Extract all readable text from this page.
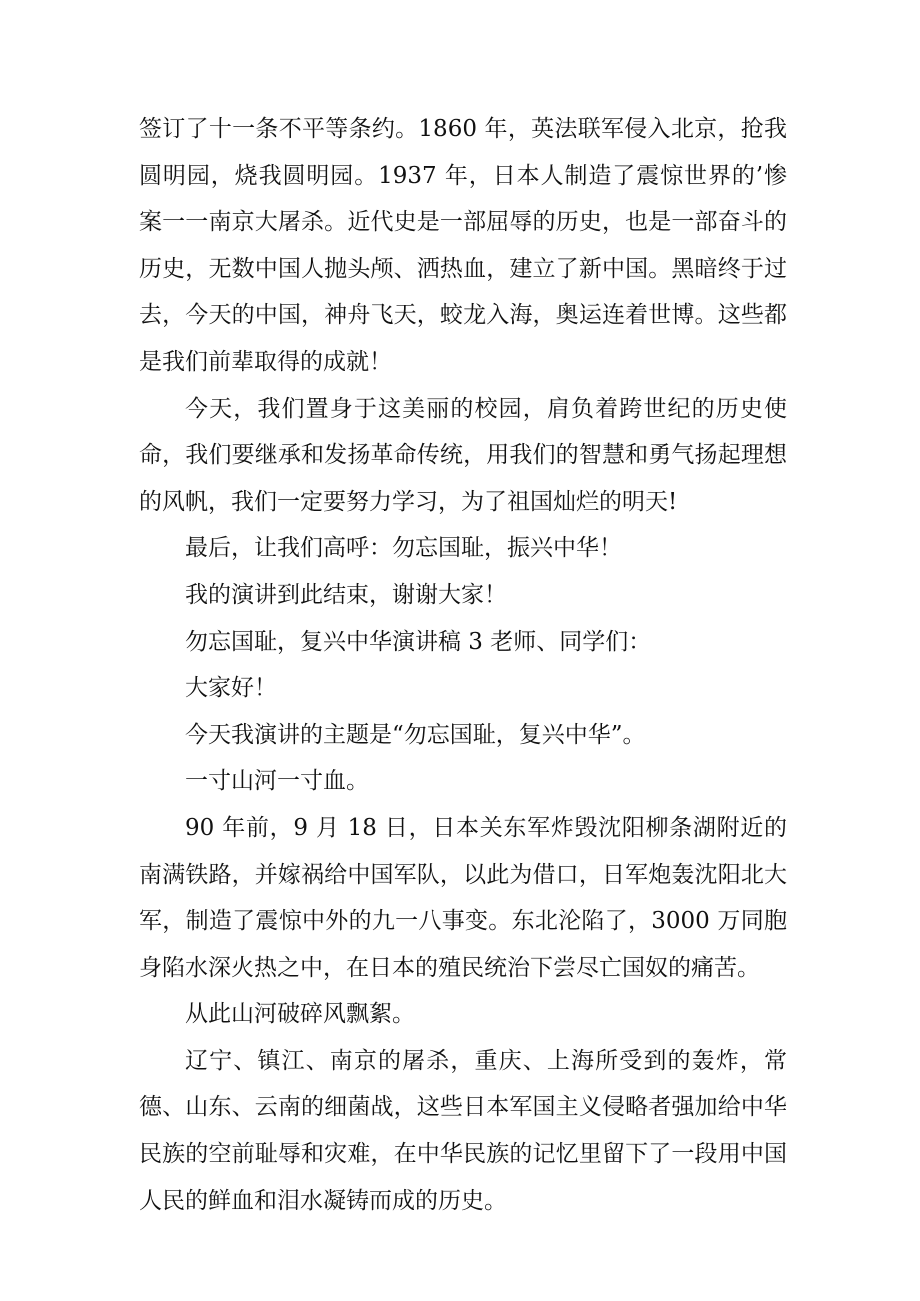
签订了十一条不平等条约。1860 年，英法联军侵入北京，抢我圆明园，烧我圆明园。1937 年，日本人制造了震惊世界的’惨案一一南京大屠杀。近代史是一部屈辱的历史，也是一部奋斗的历史，无数中国人抛头颅、洒热血，建立了新中国。黑暗终于过去，今天的中国，神舟飞天，蛟龙入海，奥运连着世博。这些都是我们前辈取得的成就！

今天，我们置身于这美丽的校园，肩负着跨世纪的历史使命，我们要继承和发扬革命传统，用我们的智慧和勇气扬起理想的风帆，我们一定要努力学习，为了祖国灿烂的明天!

最后，让我们高呼：勿忘国耻，振兴中华！

我的演讲到此结束，谢谢大家！

勿忘国耻，复兴中华演讲稿 3 老师、同学们：

大家好！

今天我演讲的主题是“勿忘国耻，复兴中华”。

一寸山河一寸血。

90 年前，9 月 18 日，日本关东军炸毁沈阳柳条湖附近的南满铁路，并嫁祸给中国军队，以此为借口，日军炮轰沈阳北大军，制造了震惊中外的九一八事变。东北沦陷了，3000 万同胞身陷水深火热之中，在日本的殖民统治下尝尽亡国奴的痛苦。

从此山河破碎风飘絮。

辽宁、镇江、南京的屠杀，重庆、上海所受到的轰炸，常德、山东、云南的细菌战，这些日本军国主义侵略者强加给中华民族的空前耻辱和灾难，在中华民族的记忆里留下了一段用中国人民的鲜血和泪水凝铸而成的历史。
